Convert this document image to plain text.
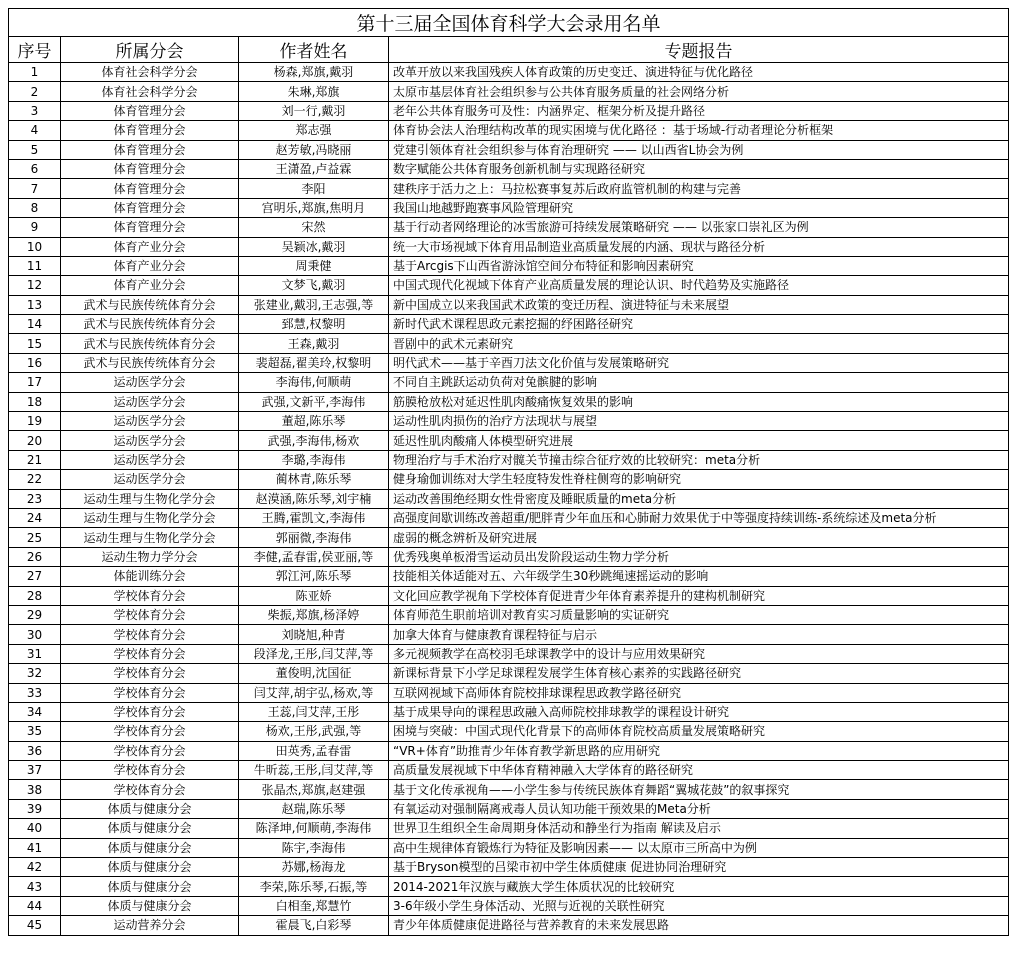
第十三届全国体育科学大会录用名单			
序号	所属分会	作者姓名	专题报告
1	体育社会科学分会	杨森,郑旗,戴羽	改革开放以来我国残疾人体育政策的历史变迁、演进特征与优化路径
2	体育社会科学分会	朱琳,郑旗	太原市基层体育社会组织参与公共体育服务质量的社会网络分析
3	体育管理分会	刘一行,戴羽	老年公共体育服务可及性：内涵界定、框架分析及提升路径
4	体育管理分会	郑志强	体育协会法人治理结构改革的现实困境与优化路径 ：基于场域-行动者理论分析框架
5	体育管理分会	赵芳敏,冯晓丽	党建引领体育社会组织参与体育治理研究 —— 以山西省L协会为例
6	体育管理分会	王潇盈,卢益霖	数字赋能公共体育服务创新机制与实现路径研究
7	体育管理分会	李阳	建秩序于活力之上：马拉松赛事复苏后政府监管机制的构建与完善
8	体育管理分会	宫明乐,郑旗,焦明月	我国山地越野跑赛事风险管理研究
9	体育管理分会	宋然	基于行动者网络理论的冰雪旅游可持续发展策略研究 —— 以张家口崇礼区为例
10	体育产业分会	吴颖冰,戴羽	统一大市场视域下体育用品制造业高质量发展的内涵、现状与路径分析
11	体育产业分会	周秉健	基于Arcgis下山西省游泳馆空间分布特征和影响因素研究
12	体育产业分会	文梦飞,戴羽	中国式现代化视域下体育产业高质量发展的理论认识、时代趋势及实施路径
13	武术与民族传统体育分会	张建业,戴羽,王志强,等	新中国成立以来我国武术政策的变迁历程、演进特征与未来展望
14	武术与民族传统体育分会	郅慧,权黎明	新时代武术课程思政元素挖掘的纾困路径研究
15	武术与民族传统体育分会	王森,戴羽	晋剧中的武术元素研究
16	武术与民族传统体育分会	裴超磊,翟美玲,权黎明	明代武术——基于辛酉刀法文化价值与发展策略研究
17	运动医学分会	李海伟,何顺萌	不同自主跳跃运动负荷对兔髌腱的影响
18	运动医学分会	武强,文新平,李海伟	筋膜枪放松对延迟性肌肉酸痛恢复效果的影响
19	运动医学分会	董超,陈乐琴	运动性肌肉损伤的治疗方法现状与展望
20	运动医学分会	武强,李海伟,杨欢	延迟性肌肉酸痛人体模型研究进展
21	运动医学分会	李璐,李海伟	物理治疗与手术治疗对髋关节撞击综合征疗效的比较研究：meta分析
22	运动医学分会	蔺林青,陈乐琴	健身瑜伽训练对大学生轻度特发性脊柱侧弯的影响研究
23	运动生理与生物化学分会	赵漠涵,陈乐琴,刘宇楠	运动改善围绝经期女性骨密度及睡眠质量的meta分析
24	运动生理与生物化学分会	王腾,霍凯文,李海伟	高强度间歇训练改善超重/肥胖青少年血压和心肺耐力效果优于中等强度持续训练-系统综述及meta分析
25	运动生理与生物化学分会	郭丽微,李海伟	虚弱的概念辨析及研究进展
26	运动生物力学分会	李健,孟春雷,侯亚丽,等	优秀残奥单板滑雪运动员出发阶段运动生物力学分析
27	体能训练分会	郭江河,陈乐琴	技能相关体适能对五、六年级学生30秒跳绳速摇运动的影响
28	学校体育分会	陈亚娇	文化回应教学视角下学校体育促进青少年体育素养提升的建构机制研究
29	学校体育分会	柴振,郑旗,杨泽婷	体育师范生职前培训对教育实习质量影响的实证研究
30	学校体育分会	刘晓旭,种青	加拿大体育与健康教育课程特征与启示
31	学校体育分会	段泽龙,王彤,闫艾萍,等	多元视频教学在高校羽毛球课教学中的设计与应用效果研究
32	学校体育分会	董俊明,沈国征	新课标背景下小学足球课程发展学生体育核心素养的实践路径研究
33	学校体育分会	闫艾萍,胡宇弘,杨欢,等	互联网视域下高师体育院校排球课程思政教学路径研究
34	学校体育分会	王蕊,闫艾萍,王彤	基于成果导向的课程思政融入高师院校排球教学的课程设计研究
35	学校体育分会	杨欢,王彤,武强,等	困境与突破：中国式现代化背景下的高师体育院校高质量发展策略研究
36	学校体育分会	田英秀,孟春雷	“VR+体育”助推青少年体育教学新思路的应用研究
37	学校体育分会	牛昕蕊,王彤,闫艾萍,等	高质量发展视域下中华体育精神融入大学体育的路径研究
38	学校体育分会	张晶杰,郑旗,赵建强	基于文化传承视角——小学生参与传统民族体育舞蹈“翼城花鼓”的叙事探究
39	体质与健康分会	赵瑞,陈乐琴	有氧运动对强制隔离戒毒人员认知功能干预效果的Meta分析
40	体质与健康分会	陈泽坤,何顺萌,李海伟	世界卫生组织全生命周期身体活动和静坐行为指南 解读及启示
41	体质与健康分会	陈宇,李海伟	高中生规律体育锻炼行为特征及影响因素—— 以太原市三所高中为例
42	体质与健康分会	苏娜,杨海龙	基于Bryson模型的吕梁市初中学生体质健康 促进协同治理研究
43	体质与健康分会	李荣,陈乐琴,石振,等	2014-2021年汉族与藏族大学生体质状况的比较研究
44	体质与健康分会	白相奎,郑慧竹	3-6年级小学生身体活动、光照与近视的关联性研究
45	运动营养分会	霍晨飞,白彩琴	青少年体质健康促进路径与营养教育的未来发展思路
